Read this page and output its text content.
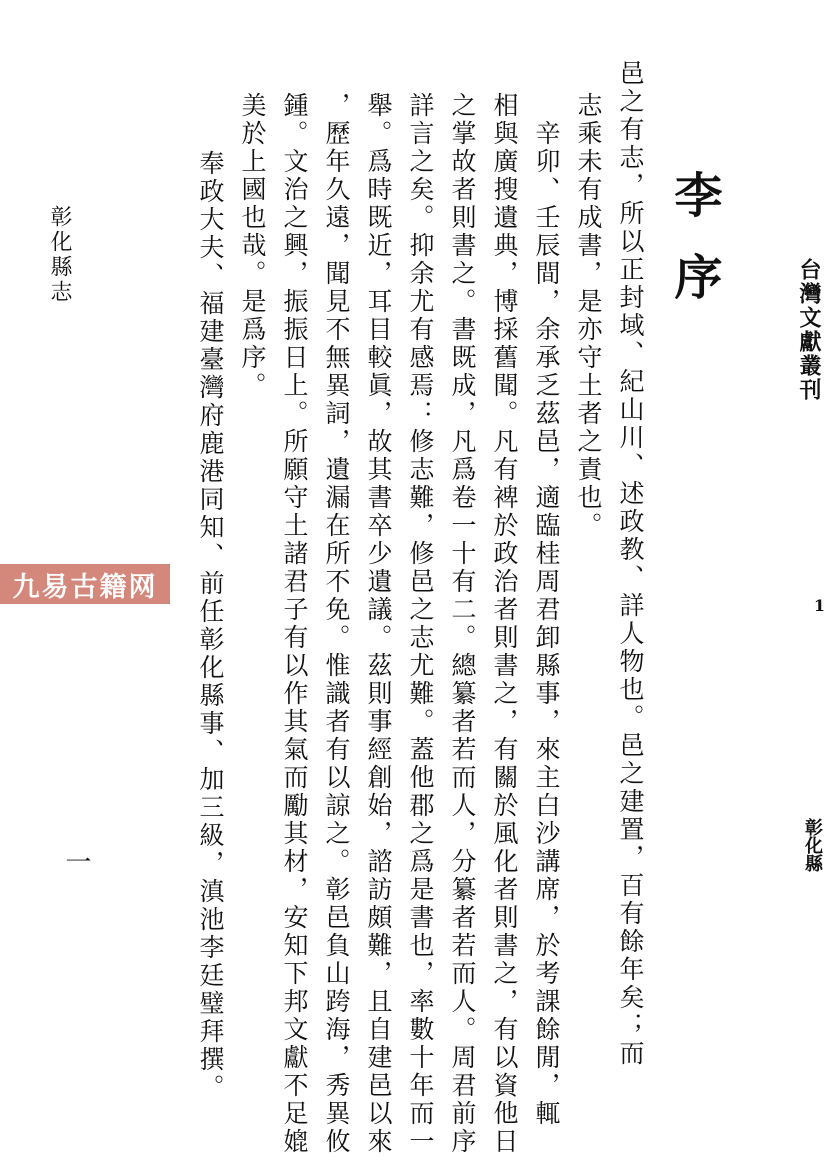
李序
邑之有志，所以正封域、紀山川、述政教、詳人物也。邑之建置，百有餘年矣；而
志乘未有成書，是亦守土者之責也。
　辛卯、壬辰間，余承乏茲邑，適臨桂周君卸縣事，來主白沙講席，於考課餘閒，輒
相與廣搜遺典，博採舊聞。凡有裨於政治者則書之，有關於風化者則書之，有以資他日
之掌故者則書之。書既成，凡爲卷一十有二。總纂者若而人，分纂者若而人。周君前序
詳言之矣。抑余尤有感焉：修志難，修邑之志尤難。蓋他郡之爲是書也，率數十年而一
舉。爲時既近，耳目較眞，故其書卒少遺議。茲則事經創始，諮訪頗難，且自建邑以來
，歷年久遠，聞見不無異詞，遺漏在所不免。惟識者有以諒之。彰邑負山跨海，秀異攸
鍾。文治之興，振振日上。所願守土諸君子有以作其氣而勵其材，安知下邦文獻不足媲
美於上國也哉。是爲序。
奉政大夫、福建臺灣府鹿港同知、前任彰化縣事、加三級，滇池李廷璧拜撰。
彰化縣志
一
九易古籍网
台灣文獻叢刊
1
彰化縣
